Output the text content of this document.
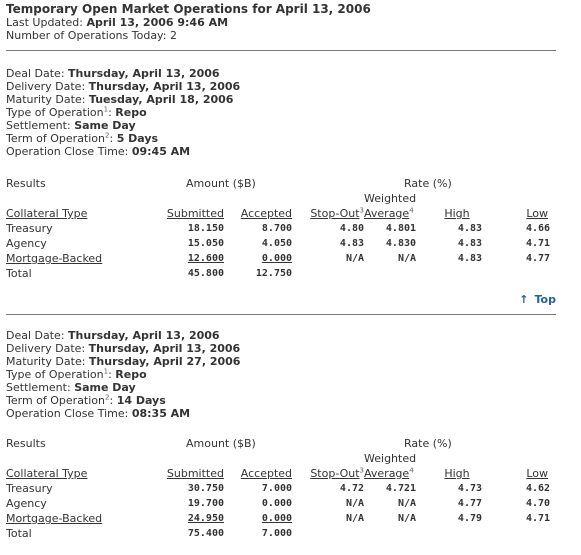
Temporary Open Market Operations for April 13, 2006
Last Updated: April 13, 2006 9:46 AM
Number of Operations Today: 2
Deal Date: Thursday, April 13, 2006
Delivery Date: Thursday, April 13, 2006
Maturity Date: Tuesday, April 18, 2006
Type of Operation$^1$: Repo
Settlement: Same Day
Term of Operation$^2$: 5 Days
Operation Close Time: 09:45 AM
Results	Amount ($B)			Rate (%)		
				Weighted		
Collateral Type	Submitted	Accepted	Stop-Out$^3$	Average$^4$	High	Low
Treasury	18.150	8.700	4.80	4.801	4.83	4.66
Agency	15.050	4.050	4.83	4.830	4.83	4.71
Mortgage-Backed	12.600	0.000	N/A	N/A	4.83	4.77
Total	45.800	12.750				
↑ Top
Deal Date: Thursday, April 13, 2006
Delivery Date: Thursday, April 13, 2006
Maturity Date: Thursday, April 27, 2006
Type of Operation$^1$: Repo
Settlement: Same Day
Term of Operation$^2$: 14 Days
Operation Close Time: 08:35 AM
Results	Amount ($B)			Rate (%)		
				Weighted		
Collateral Type	Submitted	Accepted	Stop-Out$^3$	Average$^4$	High	Low
Treasury	30.750	7.000	4.72	4.721	4.73	4.62
Agency	19.700	0.000	N/A	N/A	4.77	4.70
Mortgage-Backed	24.950	0.000	N/A	N/A	4.79	4.71
Total	75.400	7.000				
